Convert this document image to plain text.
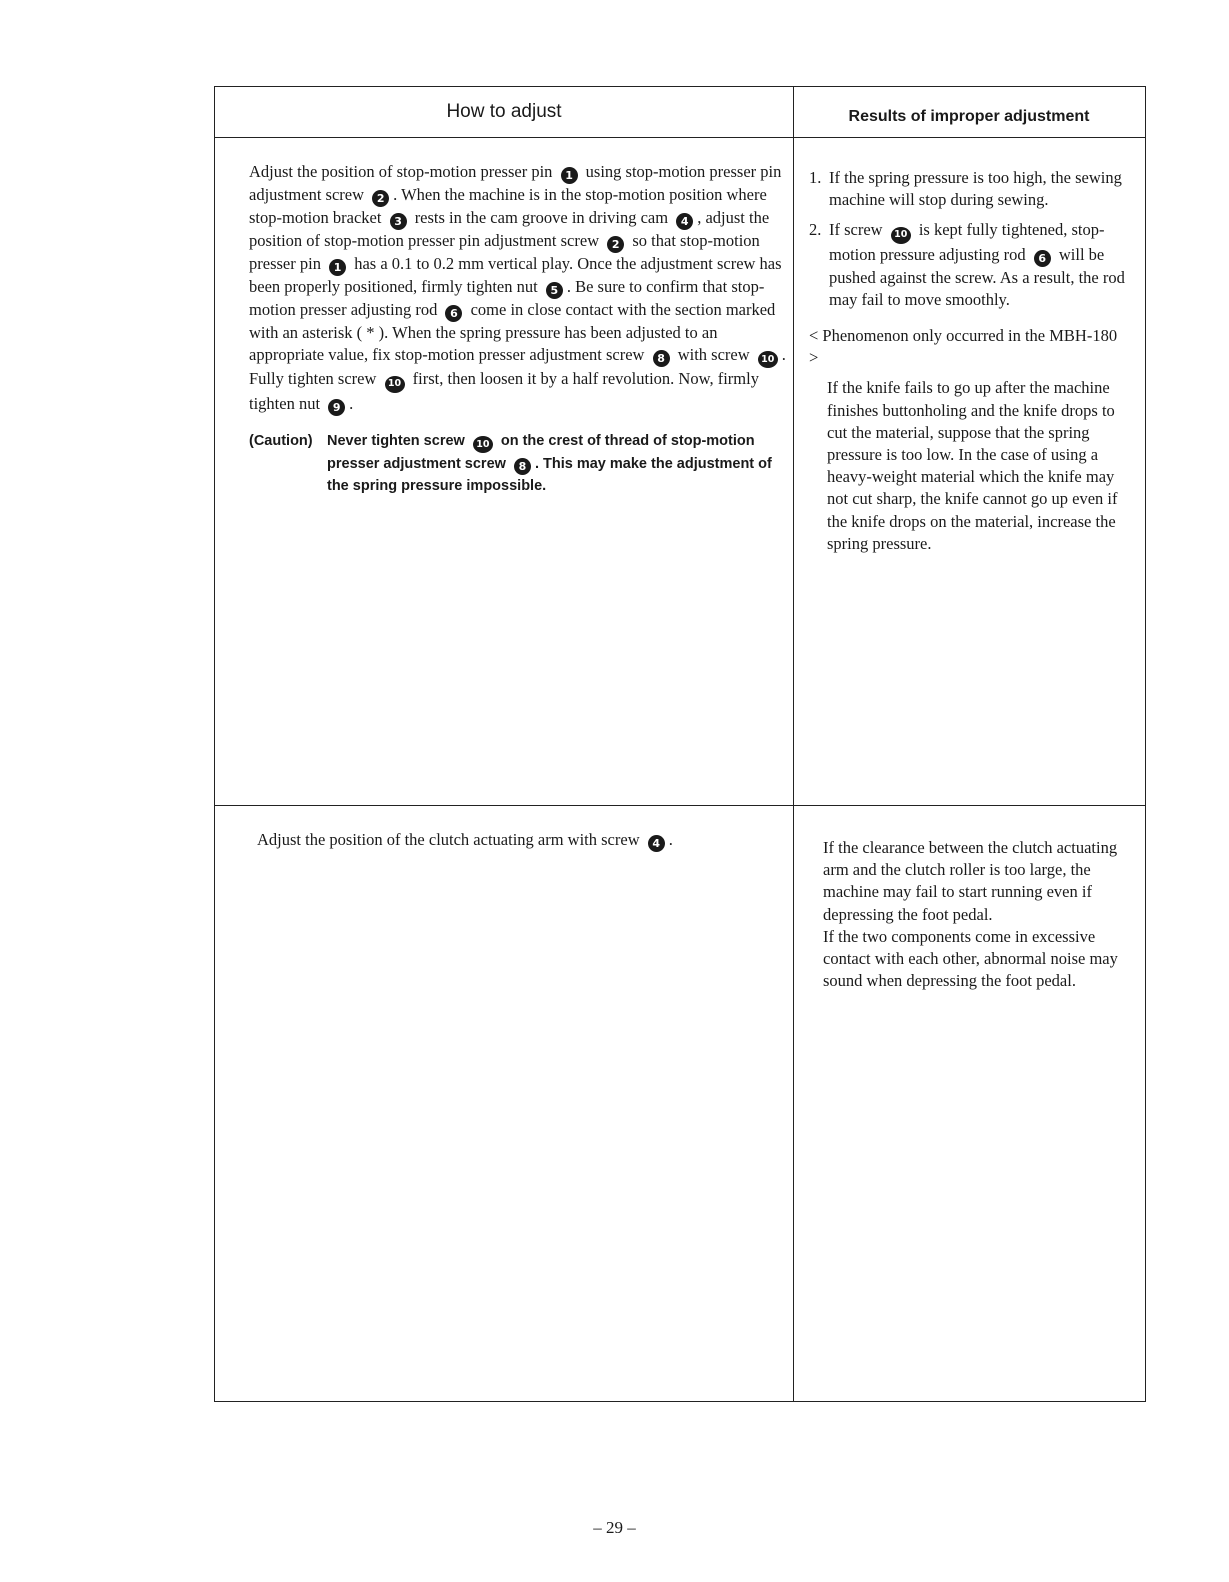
How to adjust	Results of improper adjustment
Adjust the position of stop-motion presser pin 1 using stop-motion presser pin adjustment screw 2 . When the machine is in the stop-motion position where stop-motion bracket 3 rests in the cam groove in driving cam 4 , adjust the position of stop-motion presser pin adjustment screw 2 so that stop-motion presser pin 1 has a 0.1 to 0.2 mm vertical play. Once the adjustment screw has been properly positioned, firmly tighten nut 5 . Be sure to confirm that stop-motion presser adjusting rod 6 come in close contact with the section marked with an asterisk ( * ). When the spring pressure has been adjusted to an appropriate value, fix stop-motion presser adjustment screw 8 with screw 10 . Fully tighten screw 10 first, then loosen it by a half revolution. Now, firmly tighten nut 9 .
(Caution) Never tighten screw 10 on the crest of thread of stop-motion presser adjustment screw 8 . This may make the adjustment of the spring pressure impossible.
1. If the spring pressure is too high, the sewing machine will stop during sewing.
2. If screw 10 is kept fully tightened, stop-motion pressure adjusting rod 6 will be pushed against the screw. As a result, the rod may fail to move smoothly.
< Phenomenon only occurred in the MBH-180 >
If the knife fails to go up after the machine finishes buttonholing and the knife drops to cut the material, suppose that the spring pressure is too low. In the case of using a heavy-weight material which the knife may not cut sharp, the knife cannot go up even if the knife drops on the material, increase the spring pressure.

Adjust the position of the clutch actuating arm with screw 4 .	If the clearance between the clutch actuating arm and the clutch roller is too large, the machine may fail to start running even if depressing the foot pedal.

If the two components come in excessive contact with each other, abnormal noise may sound when depressing the foot pedal.

– 29 –
